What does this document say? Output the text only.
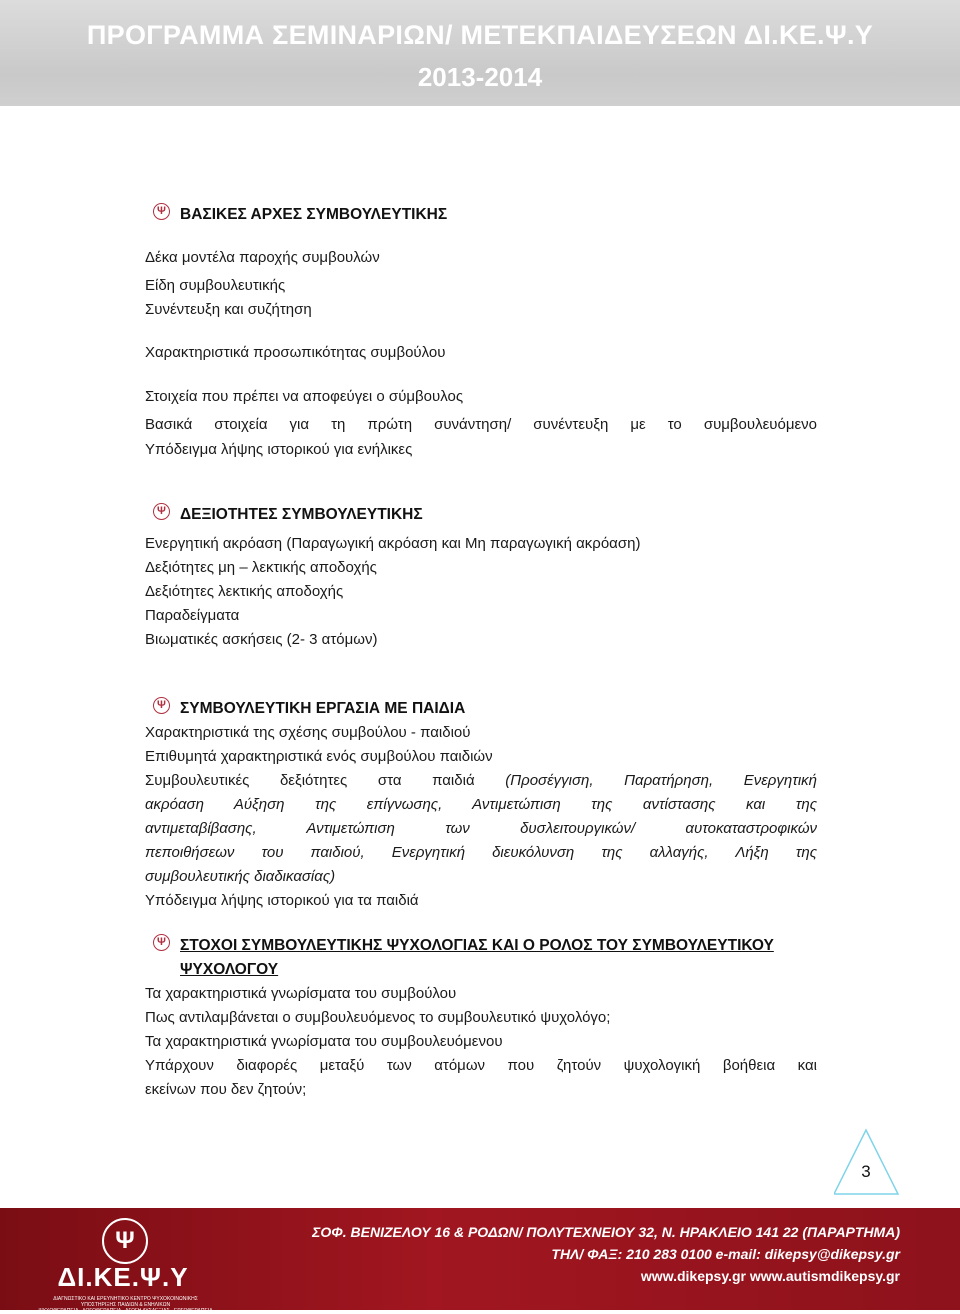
ΠΡΟΓΡΑΜΜΑ ΣΕΜΙΝΑΡΙΩΝ/ ΜΕΤΕΚΠΑΙΔΕΥΣΕΩΝ ΔΙ.ΚΕ.Ψ.Υ
2013-2014
Ψ ΒΑΣΙΚΕΣ ΑΡΧΕΣ ΣΥΜΒΟΥΛΕΥΤΙΚΗΣ
Δέκα μοντέλα παροχής συμβουλών
Είδη συμβουλευτικής
Συνέντευξη και συζήτηση
Χαρακτηριστικά προσωπικότητας συμβούλου
Στοιχεία που πρέπει να αποφεύγει ο σύμβουλος
Βασικά στοιχεία για τη πρώτη συνάντηση/ συνέντευξη με το συμβουλευόμενο
Υπόδειγμα λήψης ιστορικού για ενήλικες
Ψ ΔΕΞΙΟΤΗΤΕΣ ΣΥΜΒΟΥΛΕΥΤΙΚΗΣ
Ενεργητική ακρόαση (Παραγωγική ακρόαση και Μη παραγωγική ακρόαση)
Δεξιότητες μη – λεκτικής αποδοχής
Δεξιότητες λεκτικής αποδοχής
Παραδείγματα
Βιωματικές ασκήσεις (2- 3 ατόμων)
Ψ ΣΥΜΒΟΥΛΕΥΤΙΚΗ ΕΡΓΑΣΙΑ ΜΕ ΠΑΙΔΙΑ
Χαρακτηριστικά της σχέσης συμβούλου - παιδιού
Επιθυμητά χαρακτηριστικά ενός συμβούλου παιδιών
Συμβουλευτικές δεξιότητες στα παιδιά (Προσέγγιση, Παρατήρηση, Ενεργητική
ακρόαση Αύξηση της επίγνωσης, Αντιμετώπιση της αντίστασης και της
αντιμεταβίβασης, Αντιμετώπιση των δυσλειτουργικών/ αυτοκαταστροφικών
πεποιθήσεων του παιδιού, Ενεργητική διευκόλυνση της αλλαγής, Λήξη της
συμβουλευτικής διαδικασίας)
Υπόδειγμα λήψης ιστορικού για τα παιδιά
Ψ ΣΤΟΧΟΙ ΣΥΜΒΟΥΛΕΥΤΙΚΗΣ ΨΥΧΟΛΟΓΙΑΣ ΚΑΙ Ο ΡΟΛΟΣ ΤΟΥ ΣΥΜΒΟΥΛΕΥΤΙΚΟΥ
ΨΥΧΟΛΟΓΟΥ
Τα χαρακτηριστικά γνωρίσματα του συμβούλου
Πως αντιλαμβάνεται ο συμβουλευόμενος το συμβουλευτικό ψυχολόγο;
Τα χαρακτηριστικά γνωρίσματα του συμβουλευόμενου
Υπάρχουν διαφορές μεταξύ των ατόμων που ζητούν ψυχολογική βοήθεια και
εκείνων που δεν ζητούν;
3
Ψ
ΔΙ.ΚΕ.Ψ.Υ
ΔΙΑΓΝΩΣΤΙΚΟ ΚΑΙ ΕΡΕΥΝΗΤΙΚΟ ΚΕΝΤΡΟ ΨΥΧΟΚΟΙΝΩΝΙΚΗΣ ΥΠΟΣΤΗΡΙΞΗΣ ΠΑΙΔΙΩΝ & ΕΝΗΛΙΚΩΝ
ΨΥΧΟΘΕΡΑΠΕΙΑ - ΛΟΓΟΘΕΡΑΠΕΙΑ - ΑΓΩΓΗ ΔΥΣΛΕΞΙΑΣ - ΕΡΓΟΘΕΡΑΠΕΙΑ
ΣΟΦ. ΒΕΝΙΖΕΛΟΥ 16 & ΡΟΔΩΝ/ ΠΟΛΥΤΕΧΝΕΙΟΥ 32, Ν. ΗΡΑΚΛΕΙΟ 141 22 (ΠΑΡΑΡΤΗΜΑ)
ΤΗΛ/ ΦΑΞ: 210 283 0100 e-mail: dikepsy@dikepsy.gr
www.dikepsy.gr www.autismdikepsy.gr
